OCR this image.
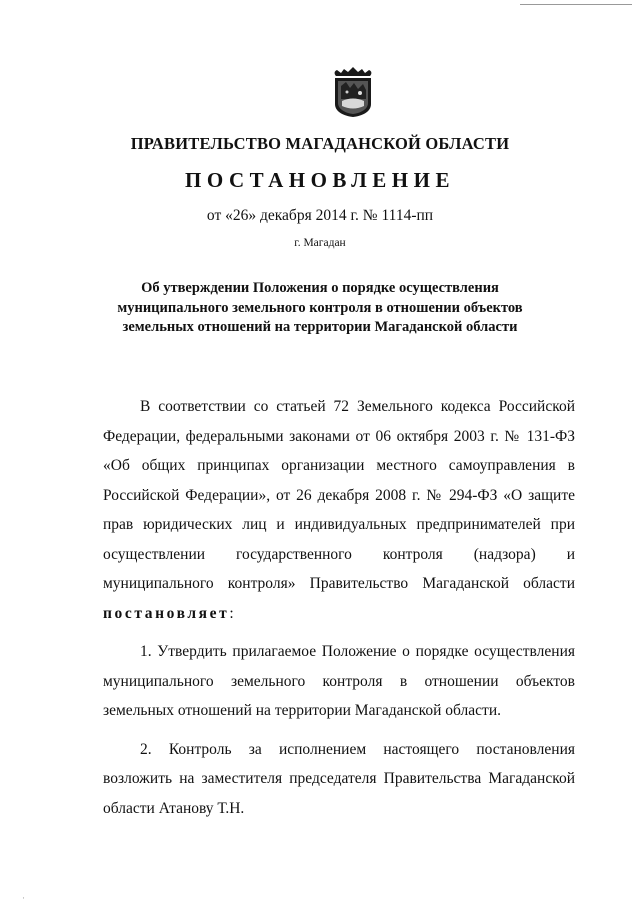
ПРАВИТЕЛЬСТВО МАГАДАНСКОЙ ОБЛАСТИ
ПОСТАНОВЛЕНИЕ
от «26» декабря 2014 г. № 1114-пп
г. Магадан
Об утверждении Положения о порядке осуществления
муниципального земельного контроля в отношении объектов
земельных отношений на территории Магаданской области

В соответствии со статьей 72 Земельного кодекса Российской Федерации, федеральными законами от 06 октября 2003 г. № 131-ФЗ «Об общих принципах организации местного самоуправления в Российской Федерации», от 26 декабря 2008 г. № 294-ФЗ «О защите прав юридических лиц и индивидуальных предпринимателей при осуществлении государственного контроля (надзора) и муниципального контроля» Правительство Магаданской области постановляет:

1. Утвердить прилагаемое Положение о порядке осуществления муниципального земельного контроля в отношении объектов земельных отношений на территории Магаданской области.

2. Контроль за исполнением настоящего постановления возложить на заместителя председателя Правительства Магаданской области Атанову Т.Н.

·
